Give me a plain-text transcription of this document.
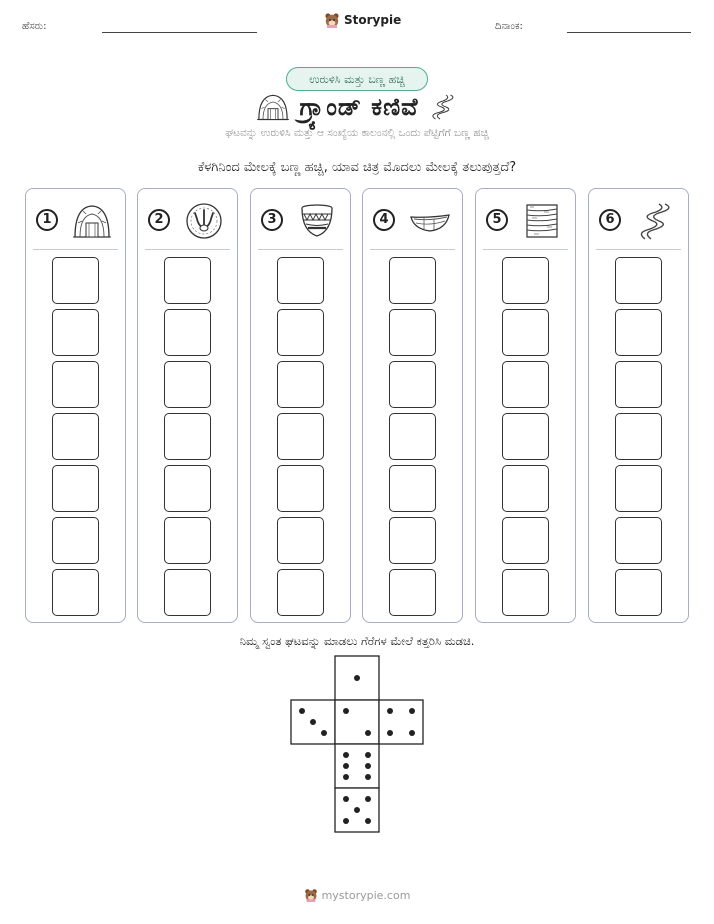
ಹೆಸರು:	Storypie	ದಿನಾಂಕ:
ಉರುಳಿಸಿ ಮತ್ತು ಬಣ್ಣ ಹಚ್ಚಿ
ಗ್ರ್ಯಾಂಡ್ ಕಣಿವೆ
ಘಟವನ್ನು ಉರುಳಿಸಿ ಮತ್ತು ಆ ಸಂಖ್ಯೆಯ ಕಾಲಂನಲ್ಲಿ ಒಂದು ಪೆಟ್ಟಿಗೆಗೆ ಬಣ್ಣ ಹಚ್ಚಿ
ಕೆಳಗಿನಿಂದ ಮೇಲಕ್ಕೆ ಬಣ್ಣ ಹಚ್ಚಿ, ಯಾವ ಚಿತ್ರ ಮೊದಲು ಮೇಲಕ್ಕೆ ತಲುಪುತ್ತದೆ?
1	2	3	4	5	6
ನಿಮ್ಮ ಸ್ವಂತ ಘಟವನ್ನು ಮಾಡಲು ಗೆರೆಗಳ ಮೇಲೆ ಕತ್ತರಿಸಿ ಮಡಚಿ.
mystorypie.com
